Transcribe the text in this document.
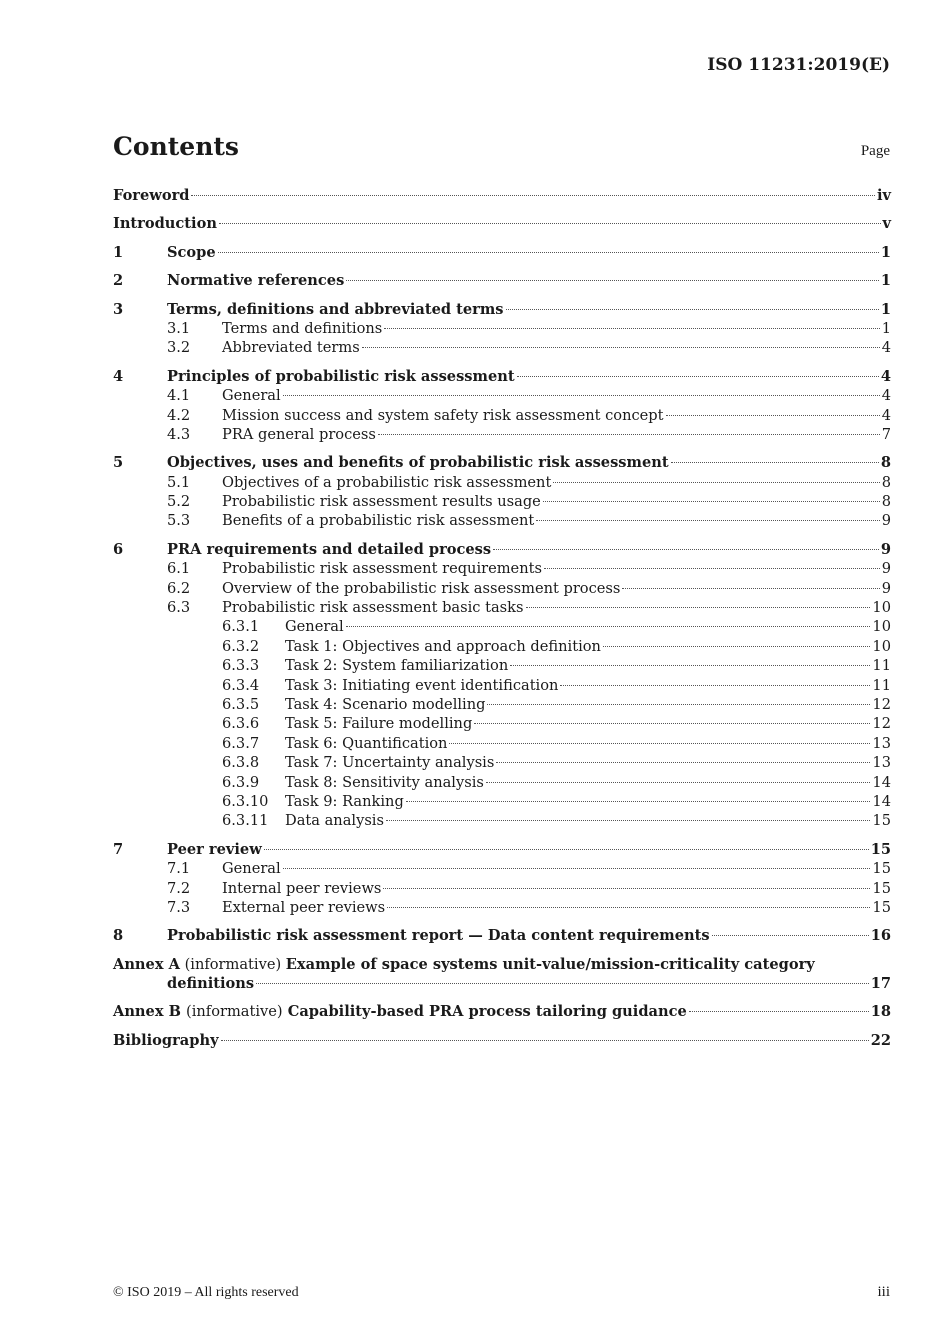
ISO 11231:2019(E)
Contents	Page
Foreword	iv
Introduction	v
1	Scope	1
2	Normative references	1
3	Terms, definitions and abbreviated terms	1
3.1	Terms and definitions	1
3.2	Abbreviated terms	4
4	Principles of probabilistic risk assessment	4
4.1	General	4
4.2	Mission success and system safety risk assessment concept	4
4.3	PRA general process	7
5	Objectives, uses and benefits of probabilistic risk assessment	8
5.1	Objectives of a probabilistic risk assessment	8
5.2	Probabilistic risk assessment results usage	8
5.3	Benefits of a probabilistic risk assessment	9
6	PRA requirements and detailed process	9
6.1	Probabilistic risk assessment requirements	9
6.2	Overview of the probabilistic risk assessment process	9
6.3	Probabilistic risk assessment basic tasks	10
6.3.1	General	10
6.3.2	Task 1: Objectives and approach definition	10
6.3.3	Task 2: System familiarization	11
6.3.4	Task 3: Initiating event identification	11
6.3.5	Task 4: Scenario modelling	12
6.3.6	Task 5: Failure modelling	12
6.3.7	Task 6: Quantification	13
6.3.8	Task 7: Uncertainty analysis	13
6.3.9	Task 8: Sensitivity analysis	14
6.3.10	Task 9: Ranking	14
6.3.11	Data analysis	15
7	Peer review	15
7.1	General	15
7.2	Internal peer reviews	15
7.3	External peer reviews	15
8	Probabilistic risk assessment report — Data content requirements	16
Annex A (informative) Example of space systems unit-value/mission-criticality category
definitions	17
Annex B (informative) Capability-based PRA process tailoring guidance	18
Bibliography	22
© ISO 2019 – All rights reserved	iii
